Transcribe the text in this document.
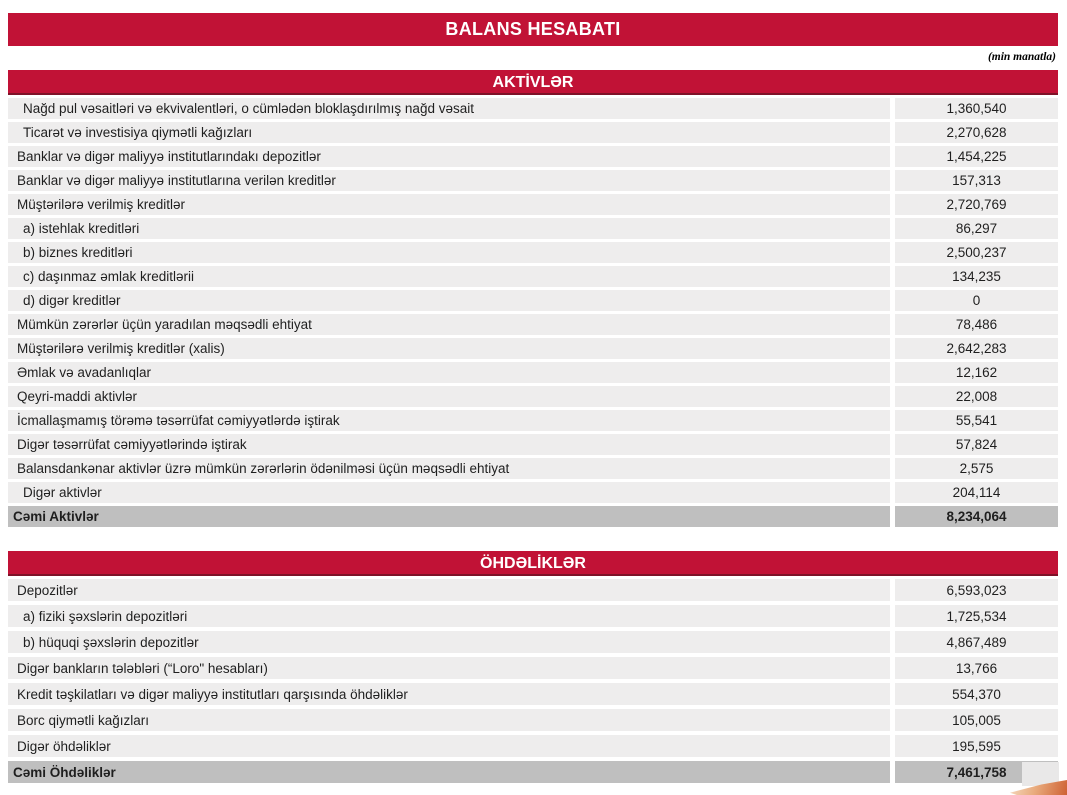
BALANS HESABATI
(min manatla)
AKTİVLƏR
Nağd pul vəsaitləri və ekvivalentləri, o cümlədən bloklaşdırılmış nağd vəsait	1,360,540
Ticarət və investisiya qiymətli kağızları	2,270,628
Banklar və digər maliyyə institutlarındakı depozitlər	1,454,225
Banklar və digər maliyyə institutlarına verilən kreditlər	157,313
Müştərilərə verilmiş kreditlər	2,720,769
a) istehlak kreditləri	86,297
b) biznes kreditləri	2,500,237
c) daşınmaz əmlak kreditlərii	134,235
d) digər kreditlər	0
Mümkün zərərlər üçün yaradılan məqsədli ehtiyat	78,486
Müştərilərə verilmiş kreditlər (xalis)	2,642,283
Əmlak və avadanlıqlar	12,162
Qeyri-maddi aktivlər	22,008
İcmallaşmamış törəmə təsərrüfat cəmiyyətlərdə iştirak	55,541
Digər təsərrüfat cəmiyyətlərində iştirak	57,824
Balansdankənar aktivlər üzrə mümkün zərərlərin ödənilməsi üçün məqsədli ehtiyat	2,575
Digər aktivlər	204,114
Cəmi Aktivlər	8,234,064
ÖHDƏLİKLƏR
Depozitlər	6,593,023
a) fiziki şəxslərin depozitləri	1,725,534
b) hüquqi şəxslərin depozitlər	4,867,489
Digər bankların tələbləri (“Loro" hesabları)	13,766
Kredit təşkilatları və digər maliyyə institutları qarşısında öhdəliklər	554,370
Borc qiymətli kağızları	105,005
Digər öhdəliklər	195,595
Cəmi Öhdəliklər	7,461,758
